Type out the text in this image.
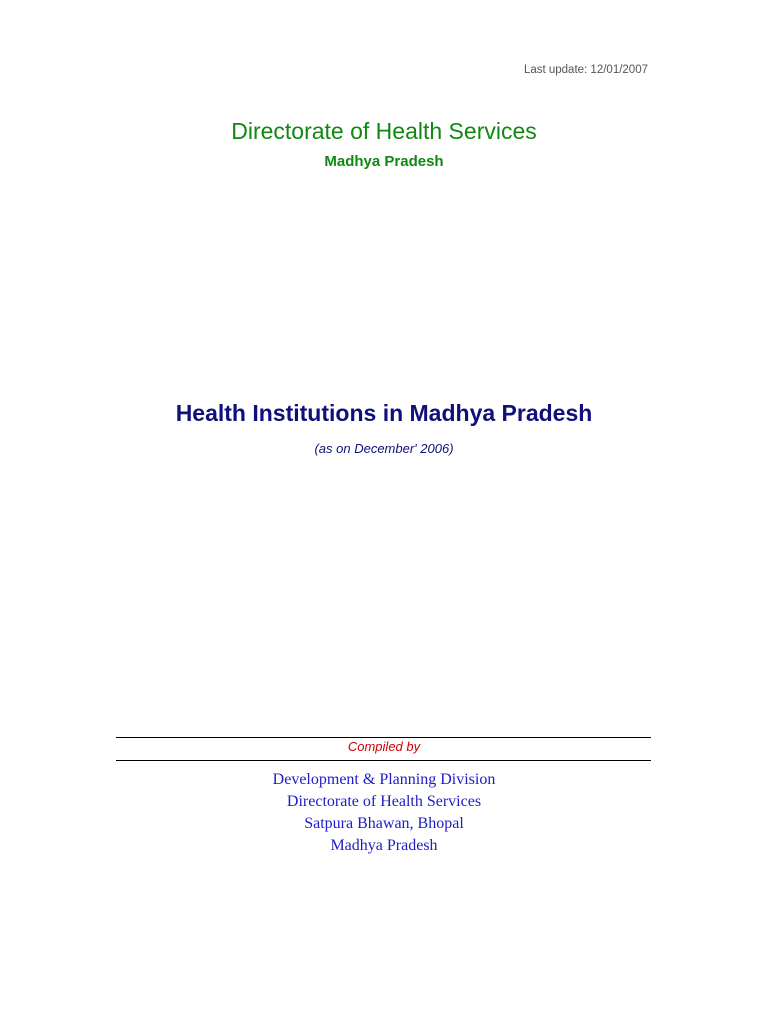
Last update: 12/01/2007
Directorate of Health Services
Madhya Pradesh
Health Institutions in Madhya Pradesh
(as on December' 2006)
Compiled by
Development & Planning Division
Directorate of Health Services
Satpura Bhawan, Bhopal
Madhya Pradesh
